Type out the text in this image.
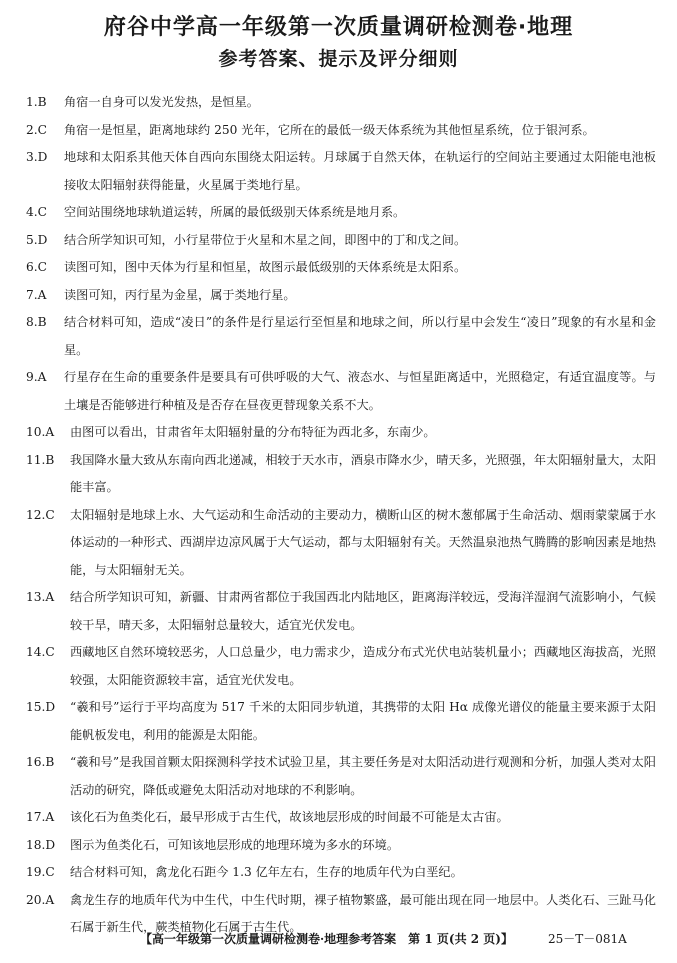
府谷中学高一年级第一次质量调研检测卷·地理
参考答案、提示及评分细则
1.B	角宿一自身可以发光发热，是恒星。
2.C	角宿一是恒星，距离地球约 250 光年，它所在的最低一级天体系统为其他恒星系统，位于银河系。
3.D	地球和太阳系其他天体自西向东围绕太阳运转。月球属于自然天体，在轨运行的空间站主要通过太阳能电池板接收太阳辐射获得能量，火星属于类地行星。
4.C	空间站围绕地球轨道运转，所属的最低级别天体系统是地月系。
5.D	结合所学知识可知，小行星带位于火星和木星之间，即图中的丁和戊之间。
6.C	读图可知，图中天体为行星和恒星，故图示最低级别的天体系统是太阳系。
7.A	读图可知，丙行星为金星，属于类地行星。
8.B	结合材料可知，造成“凌日”的条件是行星运行至恒星和地球之间，所以行星中会发生“凌日”现象的有水星和金星。
9.A	行星存在生命的重要条件是要具有可供呼吸的大气、液态水、与恒星距离适中，光照稳定，有适宜温度等。与土壤是否能够进行种植及是否存在昼夜更替现象关系不大。
10.A	由图可以看出，甘肃省年太阳辐射量的分布特征为西北多，东南少。
11.B	我国降水量大致从东南向西北递减，相较于天水市，酒泉市降水少，晴天多，光照强，年太阳辐射量大，太阳能丰富。
12.C	太阳辐射是地球上水、大气运动和生命活动的主要动力，横断山区的树木葱郁属于生命活动、烟雨蒙蒙属于水体运动的一种形式、西湖岸边凉风属于大气运动，都与太阳辐射有关。天然温泉池热气腾腾的影响因素是地热能，与太阳辐射无关。
13.A	结合所学知识可知，新疆、甘肃两省都位于我国西北内陆地区，距离海洋较远，受海洋湿润气流影响小，气候较干旱，晴天多，太阳辐射总量较大，适宜光伏发电。
14.C	西藏地区自然环境较恶劣，人口总量少，电力需求少，造成分布式光伏电站装机量小；西藏地区海拔高，光照较强，太阳能资源较丰富，适宜光伏发电。
15.D	“羲和号”运行于平均高度为 517 千米的太阳同步轨道，其携带的太阳 Hα 成像光谱仪的能量主要来源于太阳能帆板发电，利用的能源是太阳能。
16.B	“羲和号”是我国首颗太阳探测科学技术试验卫星，其主要任务是对太阳活动进行观测和分析，加强人类对太阳活动的研究，降低或避免太阳活动对地球的不利影响。
17.A	该化石为鱼类化石，最早形成于古生代，故该地层形成的时间最不可能是太古宙。
18.D	图示为鱼类化石，可知该地层形成的地理环境为多水的环境。
19.C	结合材料可知，禽龙化石距今 1.3 亿年左右，生存的地质年代为白垩纪。
20.A	禽龙生存的地质年代为中生代，中生代时期，裸子植物繁盛，最可能出现在同一地层中。人类化石、三趾马化石属于新生代，蕨类植物化石属于古生代。
【高一年级第一次质量调研检测卷·地理参考答案　第 1 页(共 2 页)】	25－T－081A
